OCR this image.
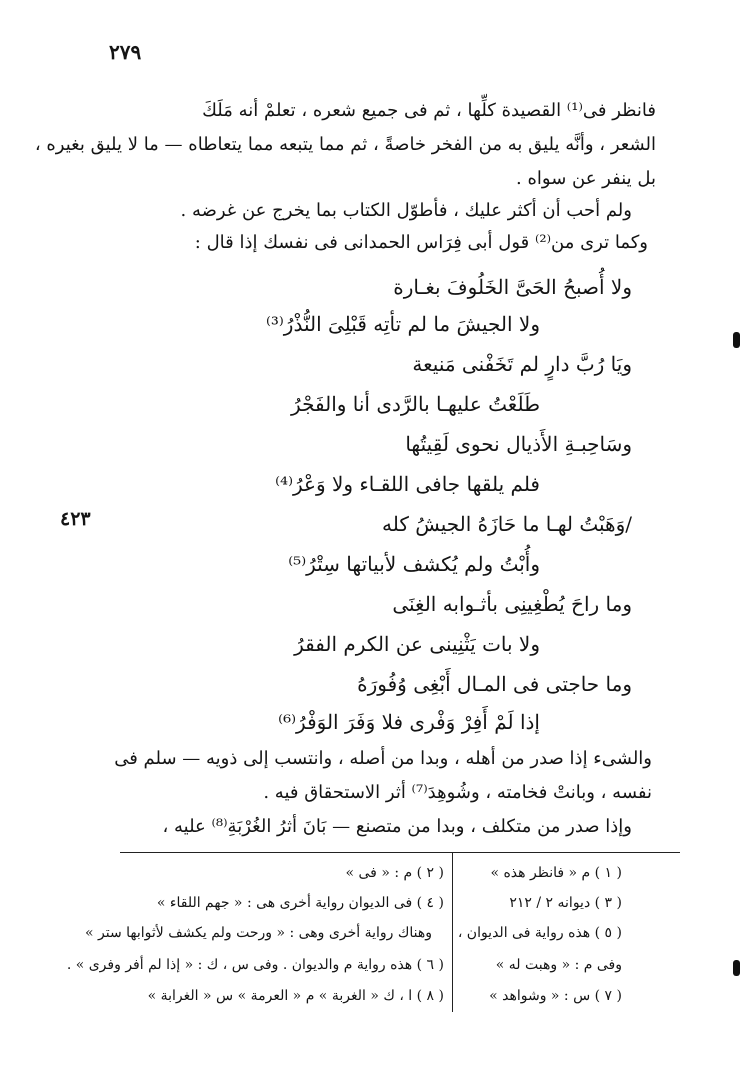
٢٧٩
فانظر فى⁽¹⁾ القصيدة كلِّها ، ثم فى جميع شعره ، تعلمْ أنه مَلَكَ
الشعر ، وأنَّه يليق به من الفخر خاصةً ، ثم مما يتبعه مما يتعاطاه — ما لا يليق بغيره ،
بل ينفر عن سواه .
ولم أحب أن أكثر عليك ، فأطوّل الكتاب بما يخرج عن غرضه .
وكما ترى من⁽²⁾ قول أبى فِرَاس الحمدانى فى نفسك إذا قال :
ولا أُصبحُ الحَىَّ الخَلُوفَ بغـارة
ولا الجيشَ ما لم تأتِه قَبْلِىَ النُّذْرُ⁽³⁾
ويَا رُبَّ دارٍ لم تَخَفْنى مَنيعة
طَلَعْتُ عليهـا بالرَّدى أنا والفَجْرُ
وسَاحِبـةِ الأَذيال نحوى لَقِيتُها
فلم يلقها جافى اللقـاء ولا وَعْرُ⁽⁴⁾
/وَهَبْتُ لهـا ما حَازَهُ الجيشُ كله
وأُبْتُ ولم يُكشف لأبياتها سِتْرُ⁽⁵⁾
وما راحَ يُطْغِينِى بأثـوابه الغِنَى
ولا بات يَثْنِينى عن الكرم الفقرُ
وما حاجتى فى المـال أَبْغِى وُفُورَهُ
إذا لَمْ أَفِرْ وَفْرى فلا وَفَرَ الوَفْرُ⁽⁶⁾
٤٢٣
والشىء إذا صدر من أهله ، وبدا من أصله ، وانتسب إلى ذويه — سلم فى
نفسه ، وبانتْ فخامته ، وشُوهِدَ⁽⁷⁾ أثر الاستحقاق فيه .
وإذا صدر من متكلف ، وبدا من متصنع — بَانَ أثرُ الغُرْبَةِ⁽⁸⁾ عليه ،
( ١ ) م « فانظر هذه »
( ٣ ) ديوانه ٢ / ٢١٢
( ٥ ) هذه رواية فى الديوان ،
وفى م : « وهبت له »
( ٧ ) س : « وشواهد »
( ٢ ) م : « فى »
( ٤ ) فى الديوان رواية أخرى هى : « جهم اللقاء »
وهناك رواية أخرى وهى : « ورحت ولم يكشف لأثوابها ستر »
( ٦ ) هذه رواية م والديوان . وفى س ، ك : « إذا لم أفر وفرى » .
( ٨ ) ا ، ك « الغربة » م « العرمة » س « الغرابة »
